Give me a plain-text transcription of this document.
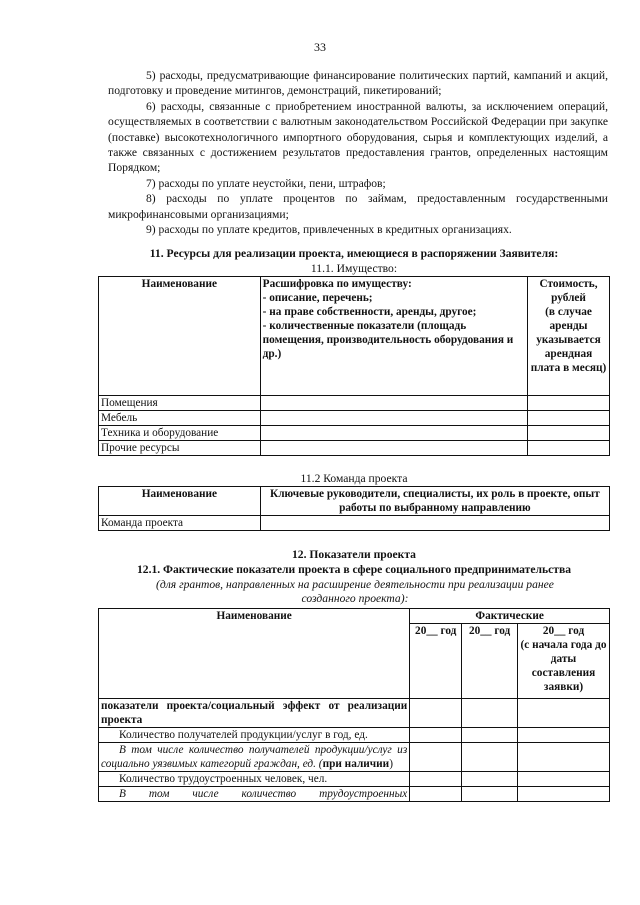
33

5) расходы, предусматривающие финансирование политических партий, кампаний и акций, подготовку и проведение митингов, демонстраций, пикетирований;

6) расходы, связанные с приобретением иностранной валюты, за исключением операций, осуществляемых в соответствии с валютным законодательством Российской Федерации при закупке (поставке) высокотехнологичного импортного оборудования, сырья и комплектующих изделий, а также связанных с достижением результатов предоставления грантов, определенных настоящим Порядком;

7) расходы по уплате неустойки, пени, штрафов;

8) расходы по уплате процентов по займам, предоставленным государственными микрофинансовыми организациями;

9) расходы по уплате кредитов, привлеченных в кредитных организациях.

11. Ресурсы для реализации проекта, имеющиеся в распоряжении Заявителя:
11.1. Имущество:
Наименование	Расшифровка по имуществу:
- описание, перечень;
- на праве собственности, аренды, другое;
- количественные показатели (площадь помещения, производительность оборудования и др.)	Стоимость, рублей
(в случае аренды указывается арендная плата в месяц)
Помещения		
Мебель		
Техника и оборудование		
Прочие ресурсы		
11.2 Команда проекта
Наименование	Ключевые руководители, специалисты, их роль в проекте, опыт работы по выбранному направлению
Команда проекта	
12. Показатели проекта
12.1. Фактические показатели проекта в сфере социального предпринимательства
(для грантов, направленных на расширение деятельности при реализации ранее созданного проекта):
Наименование	Фактические		
	20__ год	20__ год	20__ год
(с начала года до даты составления заявки)
показатели проекта/социальный эффект от реализации проекта			
Количество получателей продукции/услуг в год, ед.			
В том числе количество получателей продукции/услуг из социально уязвимых категорий граждан, ед. (при наличии)			
Количество трудоустроенных человек, чел.			
В том числе количество трудоустроенных			
